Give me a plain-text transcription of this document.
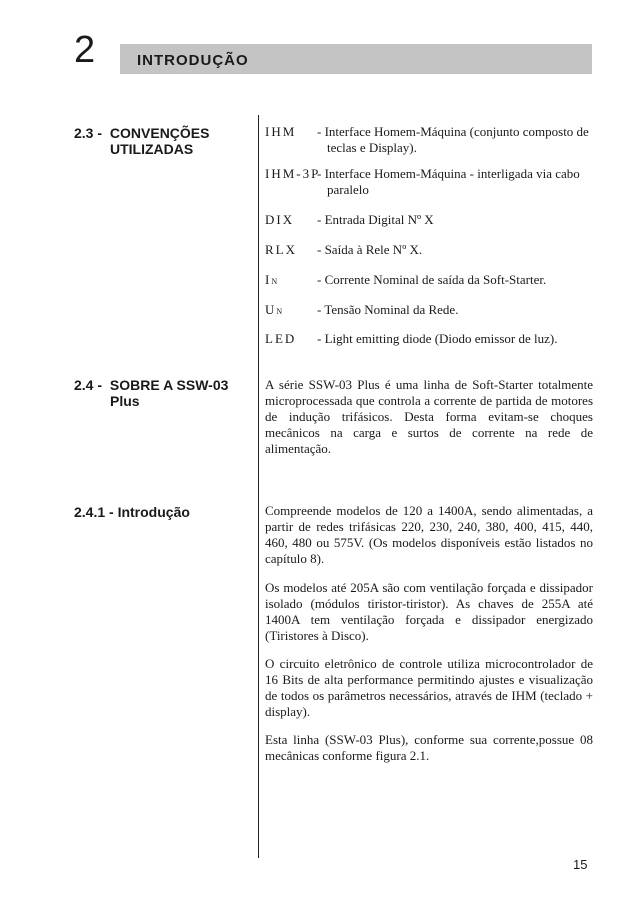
2	INTRODUÇÃO
2.3 - CONVENÇÕES
UTILIZADAS
IHM - Interface Homem-Máquina (conjunto composto de
teclas e Display).
IHM-3P
- Interface Homem-Máquina - interligada via cabo
paralelo
DIX - Entrada Digital Nº X
RLX - Saída à Rele Nº X.
IN	- Corrente Nominal de saída da Soft-Starter.
UN	- Tensão Nominal da Rede.
LED - Light emitting diode (Diodo emissor de luz).
2.4 - SOBRE A SSW-03
Plus
A série SSW-03 Plus é uma linha de Soft-Starter totalmente microprocessada que controla a corrente de partida de motores de indução trifásicos. Desta forma evitam-se choques mecânicos na carga e surtos de corrente na rede de alimentação.
2.4.1 - Introdução	Compreende modelos de 120 a 1400A, sendo alimentadas, a partir de redes trifásicas 220, 230, 240, 380, 400, 415, 440, 460, 480 ou 575V. (Os modelos disponíveis estão listados no capítulo 8).
Os modelos até 205A são com ventilação forçada e dissipador isolado (módulos tiristor-tiristor). As chaves de 255A até 1400A tem ventilação forçada e dissipador energizado (Tiristores à Disco).
O circuito eletrônico de controle utiliza microcontrolador de 16 Bits de alta performance permitindo ajustes e visualização de todos os parâmetros necessários, através de IHM (teclado + display).
Esta linha (SSW-03 Plus), conforme sua corrente,possue 08 mecânicas conforme figura 2.1.
15
